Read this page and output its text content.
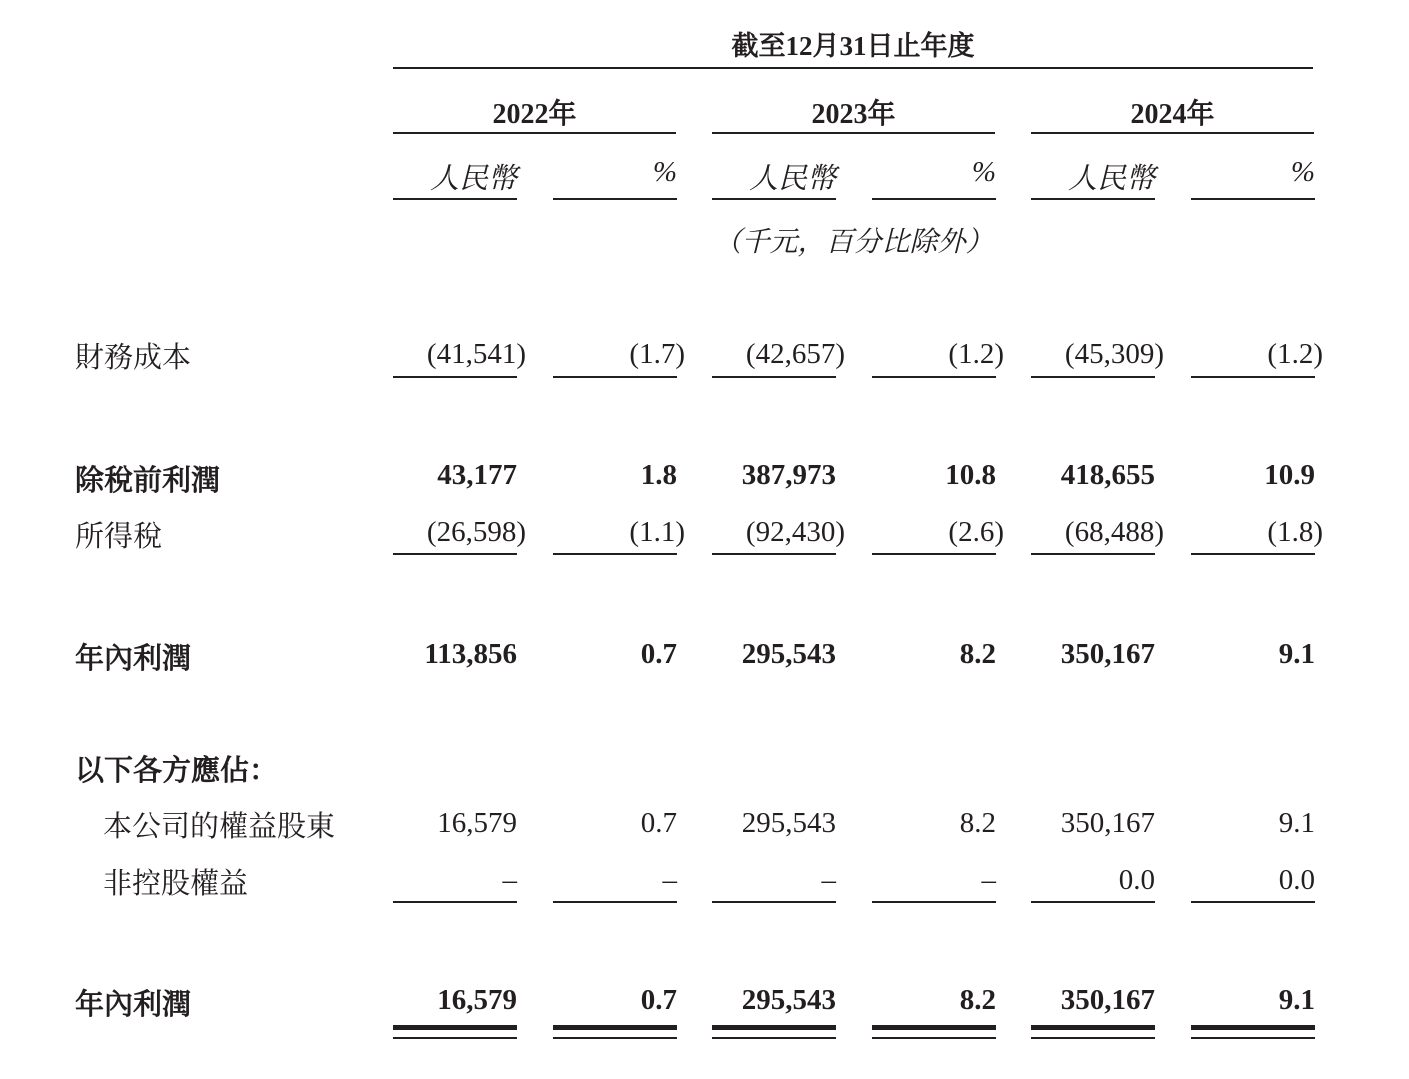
截至12月31日止年度
2022年	2023年	2024年
人民幣	%	人民幣	%	人民幣	%
（千元，百分比除外）
財務成本	(41,541)	(1.7)	(42,657)	(1.2)	(45,309)	(1.2)
除稅前利潤	43,177	1.8	387,973	10.8	418,655	10.9
所得稅	(26,598)	(1.1)	(92,430)	(2.6)	(68,488)	(1.8)
年內利潤	113,856	0.7	295,543	8.2	350,167	9.1
以下各方應佔：
本公司的權益股東	16,579	0.7	295,543	8.2	350,167	9.1
非控股權益	–	–	–	–	0.0	0.0
年內利潤	16,579	0.7	295,543	8.2	350,167	9.1
